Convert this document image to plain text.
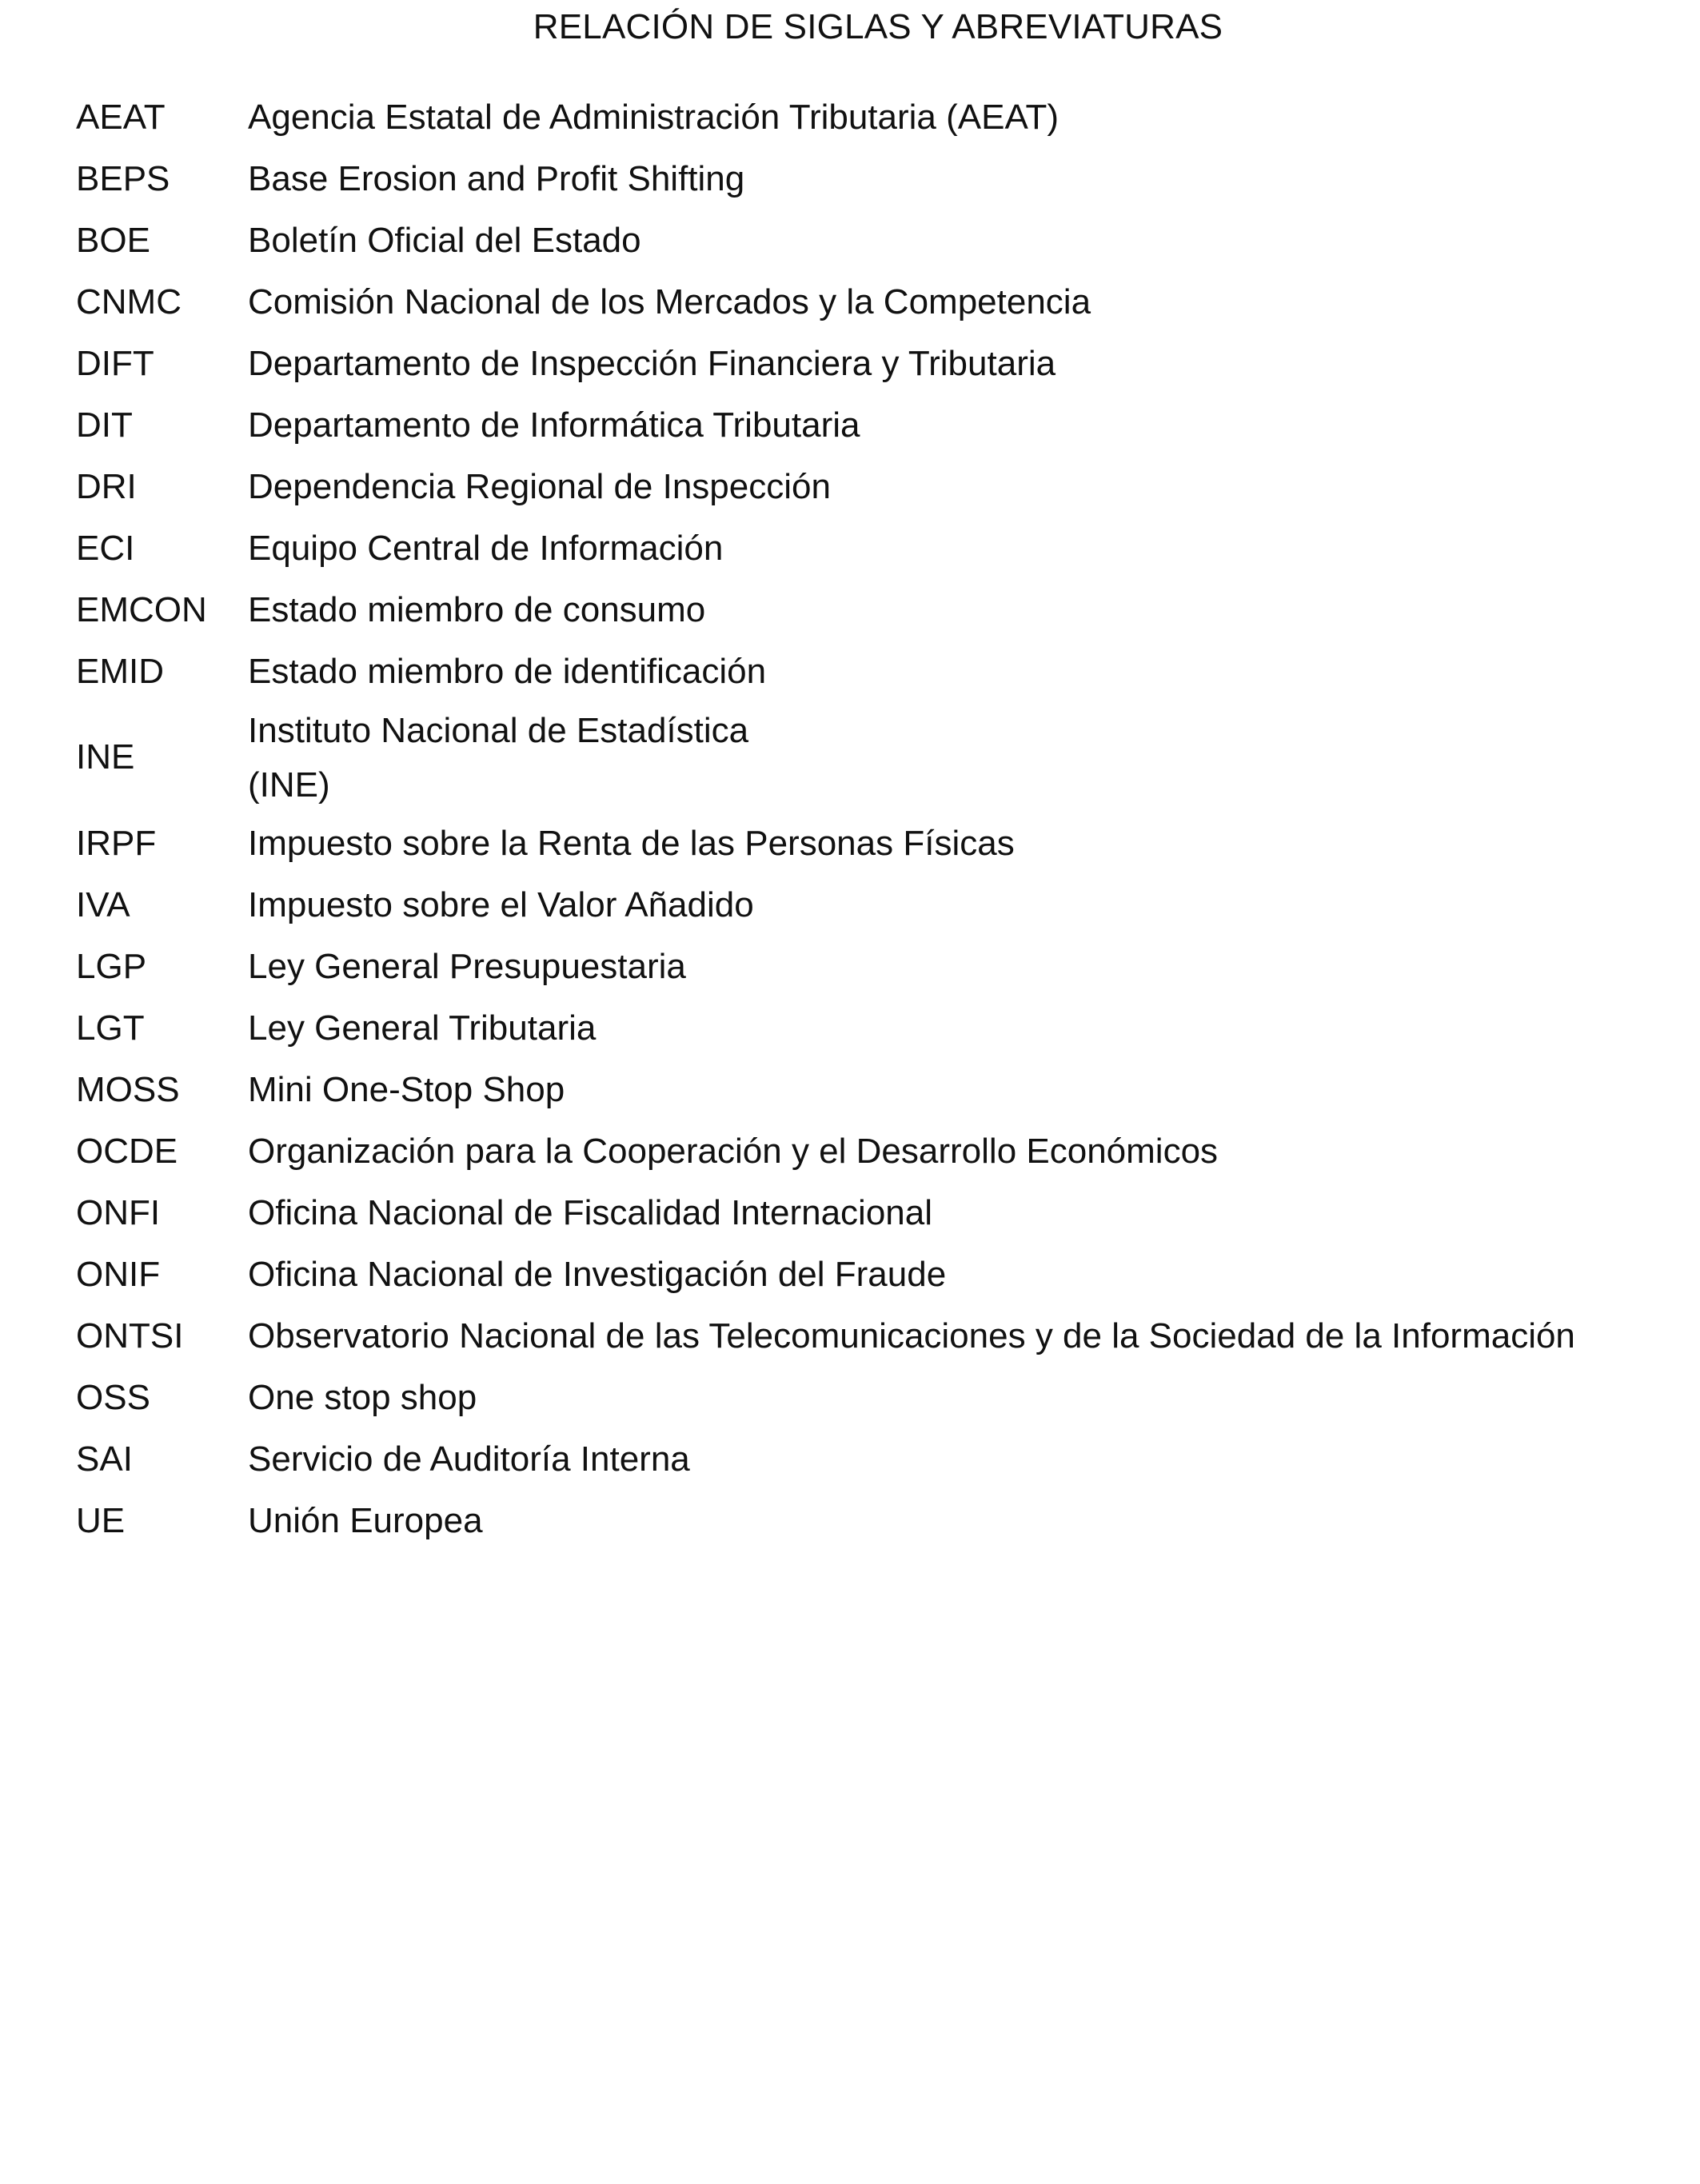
RELACIÓN DE SIGLAS Y ABREVIATURAS
AEAT	Agencia Estatal de Administración Tributaria (AEAT)
BEPS	Base Erosion and Profit Shifting
BOE	Boletín Oficial del Estado
CNMC	Comisión Nacional de los Mercados y la Competencia
DIFT	Departamento de Inspección Financiera y Tributaria
DIT	Departamento de Informática Tributaria
DRI	Dependencia Regional de Inspección
ECI	Equipo Central de Información
EMCON	Estado miembro de consumo
EMID	Estado miembro de identificación
INE	Instituto Nacional de Estadística
(INE)
IRPF	Impuesto sobre la Renta de las Personas Físicas
IVA	Impuesto sobre el Valor Añadido
LGP	Ley General Presupuestaria
LGT	Ley General Tributaria
MOSS	Mini One-Stop Shop
OCDE	Organización para la Cooperación y el Desarrollo Económicos
ONFI	Oficina Nacional de Fiscalidad Internacional
ONIF	Oficina Nacional de Investigación del Fraude
ONTSI	Observatorio Nacional de las Telecomunicaciones y de la Sociedad de la Información
OSS	One stop shop
SAI	Servicio de Auditoría Interna
UE	Unión Europea
